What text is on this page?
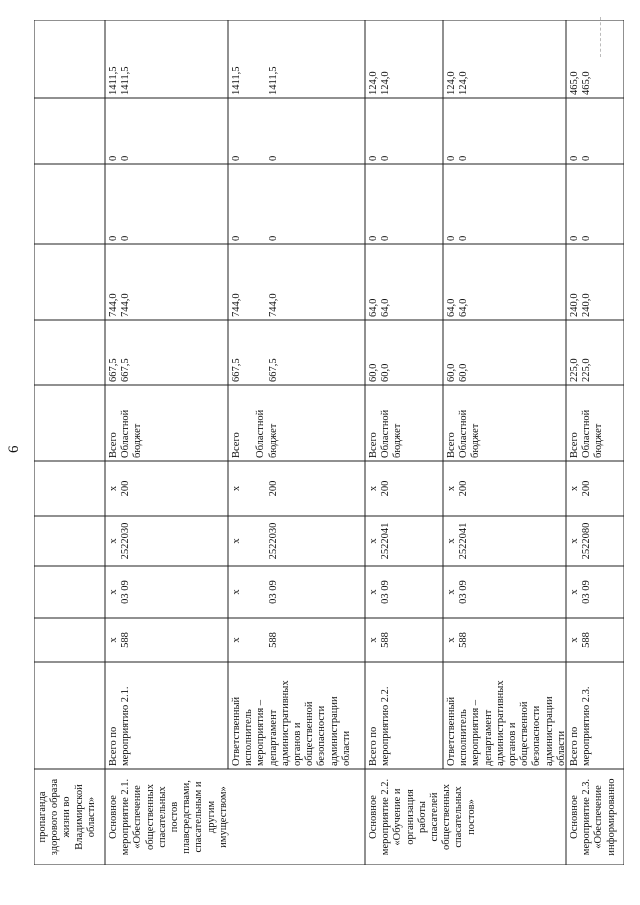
6
пропаганда здорового образа жизни во Владимирской области» Основное мероприятие 2.1. «Обеспечение общественных спасательных постов плавсредствами, спасательным и другим имуществом»
Всего по мероприятию 2.1.
х 588
х 03 09
х 2522030
х 200
Всего Областной бюджет
667,5 667,5
744,0 744,0
0 0
0 0
1411,5 1411,5
Ответственный исполнитель мероприятия – департамент административных органов и общественной безопасности администрации области
х

588
х

03 09
х

2522030
х

200
Всего
Областной бюджет
667,5

667,5
744,0

744,0
0

0
0

0
1411,5

1411,5
Основное мероприятие 2.2. «Обучение и организация работы спасателей общественных спасательных постов»
Всего по мероприятию 2.2.
х 588
х 03 09
х 2522041
х 200
Всего Областной бюджет
60,0 60,0
64,0 64,0
0 0
0 0
124,0 124,0
Ответственный исполнитель мероприятия – департамент административных органов и общественной безопасности администрации области
х 588
х 03 09
х 2522041
х 200
Всего Областной бюджет
60,0 60,0
64,0 64,0
0 0
0 0
124,0 124,0
Основное мероприятие 2.3. «Обеспечение информированно
Всего по мероприятию 2.3.
х 588
х 03 09
х 2522080
х 200
Всего Областной бюджет
225,0 225,0
240,0 240,0
0 0
0 0
465,0 465,0
